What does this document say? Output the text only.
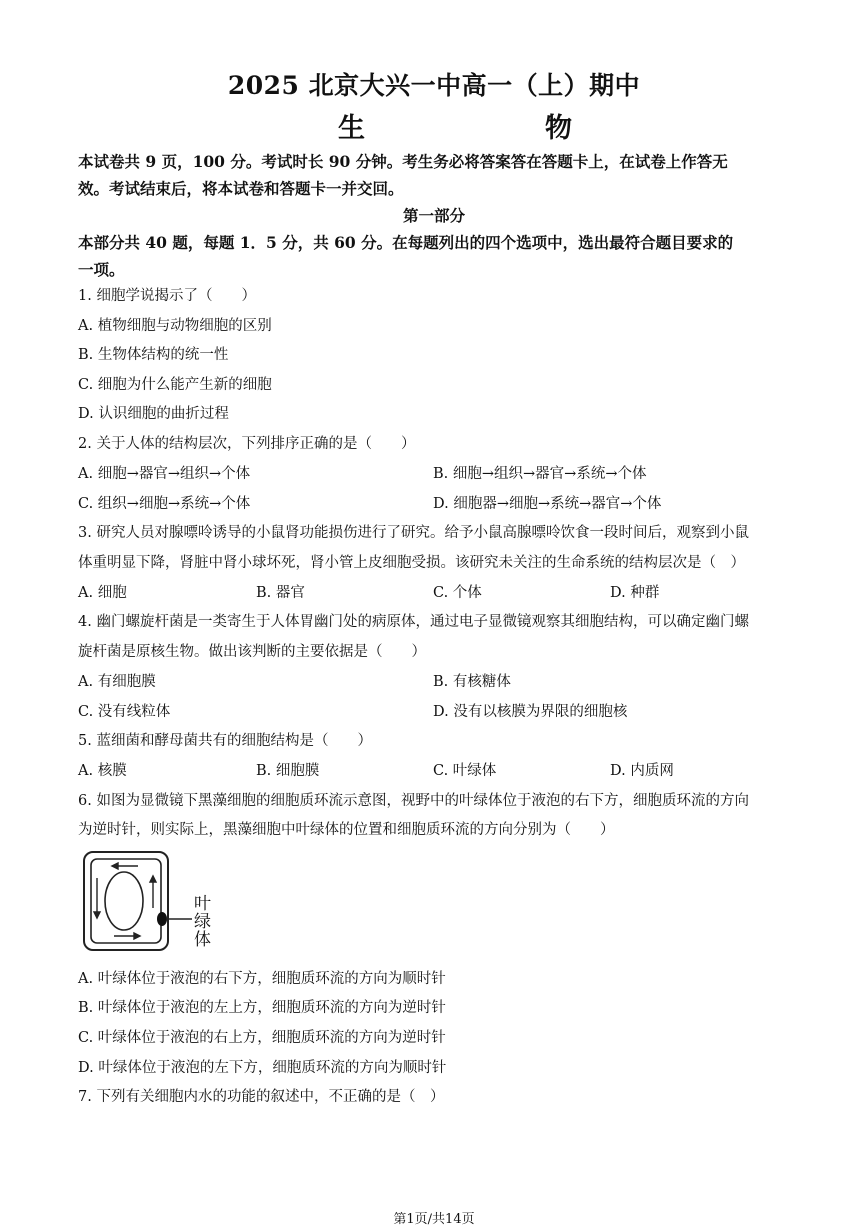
2025 北京大兴一中高一（上）期中
生　　物
本试卷共 9 页，100 分。考试时长 90 分钟。考生务必将答案答在答题卡上，在试卷上作答无
效。考试结束后，将本试卷和答题卡一并交回。
第一部分
本部分共 40 题，每题 1．5 分，共 60 分。在每题列出的四个选项中，选出最符合题目要求的
一项。
1. 细胞学说揭示了（　　）
A. 植物细胞与动物细胞的区别
B. 生物体结构的统一性
C. 细胞为什么能产生新的细胞
D. 认识细胞的曲折过程
2. 关于人体的结构层次，下列排序正确的是（　　）
A. 细胞→器官→组织→个体	B. 细胞→组织→器官→系统→个体
C. 组织→细胞→系统→个体	D. 细胞器→细胞→系统→器官→个体
3. 研究人员对腺嘌呤诱导的小鼠肾功能损伤进行了研究。给予小鼠高腺嘌呤饮食一段时间后，观察到小鼠
体重明显下降，肾脏中肾小球坏死，肾小管上皮细胞受损。该研究未关注的生命系统的结构层次是（　）
A. 细胞	B. 器官	C. 个体	D. 种群
4. 幽门螺旋杆菌是一类寄生于人体胃幽门处的病原体，通过电子显微镜观察其细胞结构，可以确定幽门螺
旋杆菌是原核生物。做出该判断的主要依据是（　　）
A. 有细胞膜	B. 有核糖体
C. 没有线粒体	D. 没有以核膜为界限的细胞核
5. 蓝细菌和酵母菌共有的细胞结构是（　　）
A. 核膜	B. 细胞膜	C. 叶绿体	D. 内质网
6. 如图为显微镜下黑藻细胞的细胞质环流示意图，视野中的叶绿体位于液泡的右下方，细胞质环流的方向
为逆时针，则实际上，黑藻细胞中叶绿体的位置和细胞质环流的方向分别为（　　）
叶
绿
体
A. 叶绿体位于液泡的右下方，细胞质环流的方向为顺时针
B. 叶绿体位于液泡的左上方，细胞质环流的方向为逆时针
C. 叶绿体位于液泡的右上方，细胞质环流的方向为逆时针
D. 叶绿体位于液泡的左下方，细胞质环流的方向为顺时针
7. 下列有关细胞内水的功能的叙述中，不正确的是（　）
第1页/共14页
